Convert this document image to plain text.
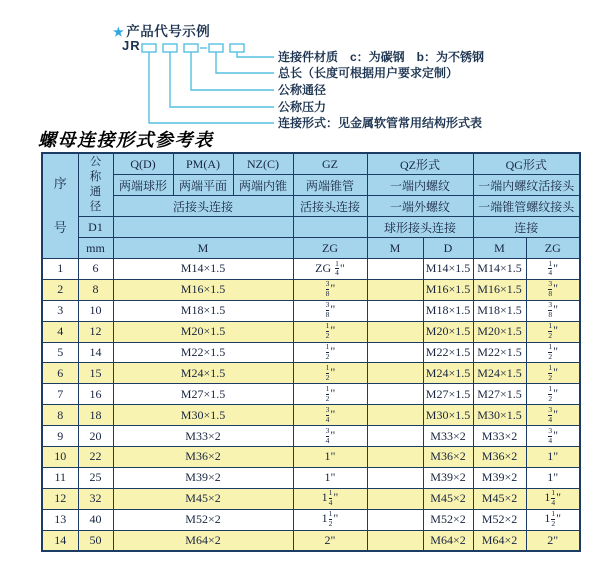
★ 产品代号示例
JR
连接件材质　c：为碳钢　b：为不锈钢
总长（长度可根据用户要求定制）
公称通径
公称压力
连接形式：见金属软管常用结构形式表
螺母连接形式参考表
序
号	公
称
通
径	Q(D)	PM(A)	NZ(C)	GZ	QZ形式		QG形式	
		两端球形	两端平面	两端内锥	两端锥管	一端内螺纹		一端内螺纹活接头	
		活接头连接			活接头连接	一端外螺纹		一端锥管螺纹接头	
	D1					球形接头连接		连接	
	mm	M			ZG	M	D	M	ZG
1	6	M14×1.5			ZG $\frac{1}{4}$ "		M14×1.5	M14×1.5	$\frac{1}{4}$ "
2	8	M16×1.5			$\frac{3}{8}$ "		M16×1.5	M16×1.5	$\frac{3}{8}$ "
3	10	M18×1.5			$\frac{3}{8}$ "		M18×1.5	M18×1.5	$\frac{3}{8}$ "
4	12	M20×1.5			$\frac{1}{2}$ "		M20×1.5	M20×1.5	$\frac{1}{2}$ "
5	14	M22×1.5			$\frac{1}{2}$ "		M22×1.5	M22×1.5	$\frac{1}{2}$ "
6	15	M24×1.5			$\frac{1}{2}$ "		M24×1.5	M24×1.5	$\frac{1}{2}$ "
7	16	M27×1.5			$\frac{1}{2}$ "		M27×1.5	M27×1.5	$\frac{1}{2}$ "
8	18	M30×1.5			$\frac{3}{4}$ "		M30×1.5	M30×1.5	$\frac{3}{4}$ "
9	20	M33×2			$\frac{3}{4}$ "		M33×2	M33×2	$\frac{3}{4}$ "
10	22	M36×2			1"		M36×2	M36×2	1"
11	25	M39×2			1"		M39×2	M39×2	1"
12	32	M45×2			$1 \frac{1}{4}$ "		M45×2	M45×2	$1 \frac{1}{4}$ "
13	40	M52×2			$1 \frac{1}{2}$ "		M52×2	M52×2	$1 \frac{1}{2}$ "
14	50	M64×2			2"		M64×2	M64×2	2"
